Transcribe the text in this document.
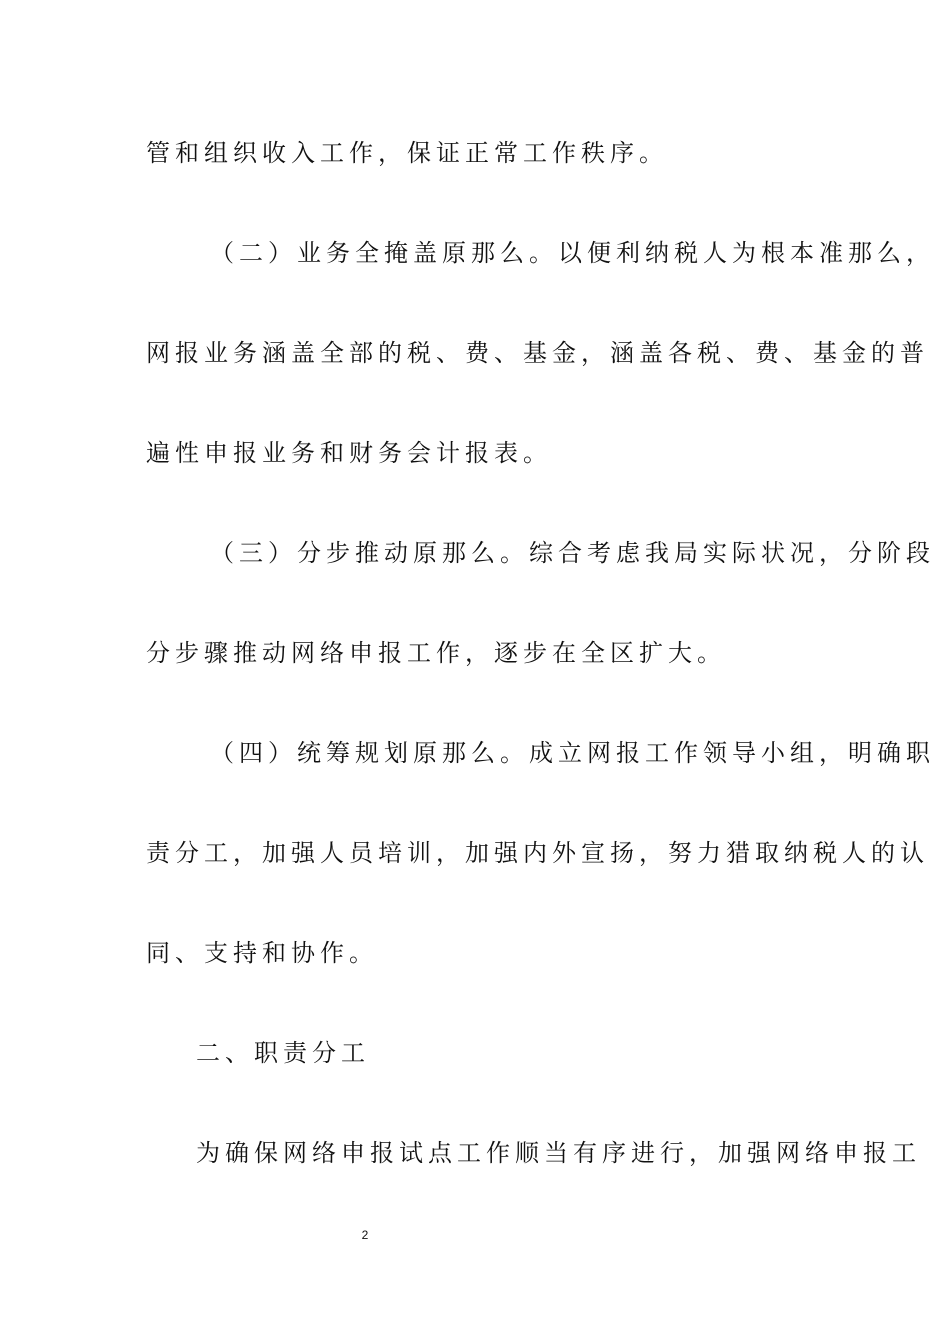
管和组织收入工作，保证正常工作秩序。

（二）业务全掩盖原那么。以便利纳税人为根本准那么，

网报业务涵盖全部的税、费、基金，涵盖各税、费、基金的普

遍性申报业务和财务会计报表。

（三）分步推动原那么。综合考虑我局实际状况，分阶段

分步骤推动网络申报工作，逐步在全区扩大。

（四）统筹规划原那么。成立网报工作领导小组，明确职

责分工，加强人员培训，加强内外宣扬，努力猎取纳税人的认

同、支持和协作。

二、职责分工

为确保网络申报试点工作顺当有序进行，加强网络申报工

2
